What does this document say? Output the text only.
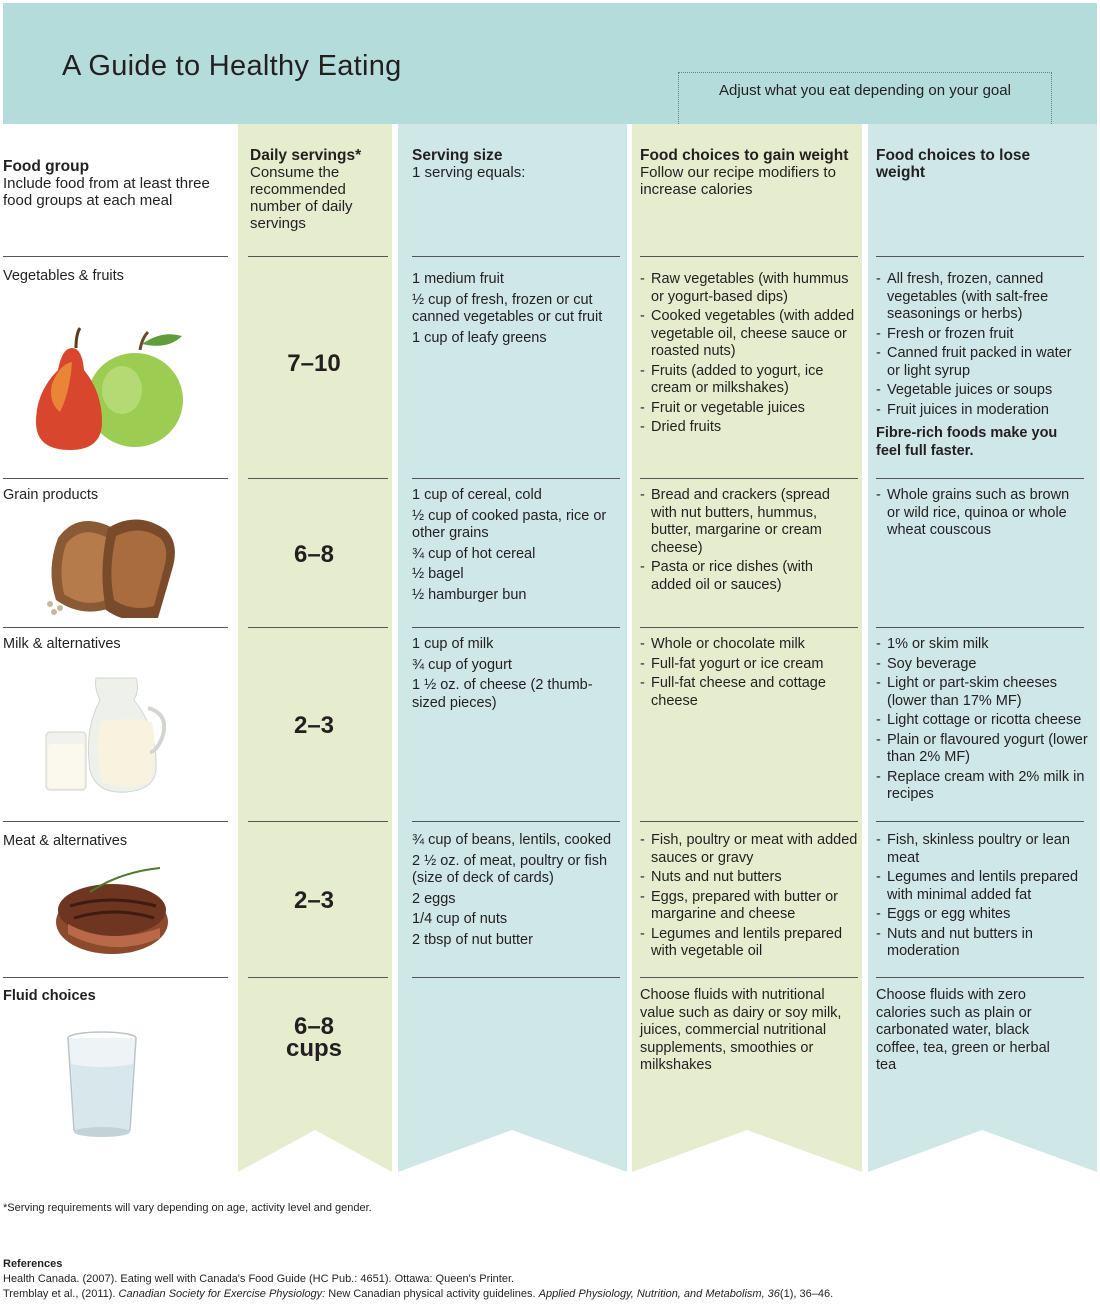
A Guide to Healthy Eating
Adjust what you eat depending on your goal
Food group
Include food from at least three food groups at each meal
Daily servings*
Consume the recommended number of daily servings
Serving size
1 serving equals:
Food choices to gain weight
Follow our recipe modifiers to increase calories
Food choices to lose weight
Vegetables & fruits
7–10

1 medium fruit

½ cup of fresh, frozen or cut canned vegetables or cut fruit

1 cup of leafy greens

- Raw vegetables (with hummus or yogurt-based dips)
- Cooked vegetables (with added vegetable oil, cheese sauce or roasted nuts)
- Fruits (added to yogurt, ice cream or milkshakes)
- Fruit or vegetable juices
- Dried fruits
- All fresh, frozen, canned vegetables (with salt-free seasonings or herbs)
- Fresh or frozen fruit
- Canned fruit packed in water or light syrup
- Vegetable juices or soups
- Fruit juices in moderation
Fibre-rich foods make you feel full faster.
Grain products
6–8

1 cup of cereal, cold

½ cup of cooked pasta, rice or other grains

¾ cup of hot cereal

½ bagel

½ hamburger bun

- Bread and crackers (spread with nut butters, hummus, butter, margarine or cream cheese)
- Pasta or rice dishes (with added oil or sauces)
- Whole grains such as brown or wild rice, quinoa or whole wheat couscous
Milk & alternatives
2–3

1 cup of milk

¾ cup of yogurt

1 ½ oz. of cheese (2 thumb-sized pieces)

- Whole or chocolate milk
- Full-fat yogurt or ice cream
- Full-fat cheese and cottage cheese
- 1% or skim milk
- Soy beverage
- Light or part-skim cheeses (lower than 17% MF)
- Light cottage or ricotta cheese
- Plain or flavoured yogurt (lower than 2% MF)
- Replace cream with 2% milk in recipes
Meat & alternatives
2–3

¾ cup of beans, lentils, cooked

2 ½ oz. of meat, poultry or fish (size of deck of cards)

2 eggs

1/4 cup of nuts

2 tbsp of nut butter

- Fish, poultry or meat with added sauces or gravy
- Nuts and nut butters
- Eggs, prepared with butter or margarine and cheese
- Legumes and lentils prepared with vegetable oil
- Fish, skinless poultry or lean meat
- Legumes and lentils prepared with minimal added fat
- Eggs or egg whites
- Nuts and nut butters in moderation
Fluid choices
6–8
cups
Choose fluids with nutritional value such as dairy or soy milk, juices, commercial nutritional supplements, smoothies or milkshakes
Choose fluids with zero calories such as plain or carbonated water, black coffee, tea, green or herbal tea
*Serving requirements will vary depending on age, activity level and gender.
References
Health Canada. (2007). Eating well with Canada's Food Guide (HC Pub.: 4651). Ottawa: Queen's Printer.
Tremblay et al., (2011). Canadian Society for Exercise Physiology: New Canadian physical activity guidelines. Applied Physiology, Nutrition, and Metabolism, 36(1), 36–46.
